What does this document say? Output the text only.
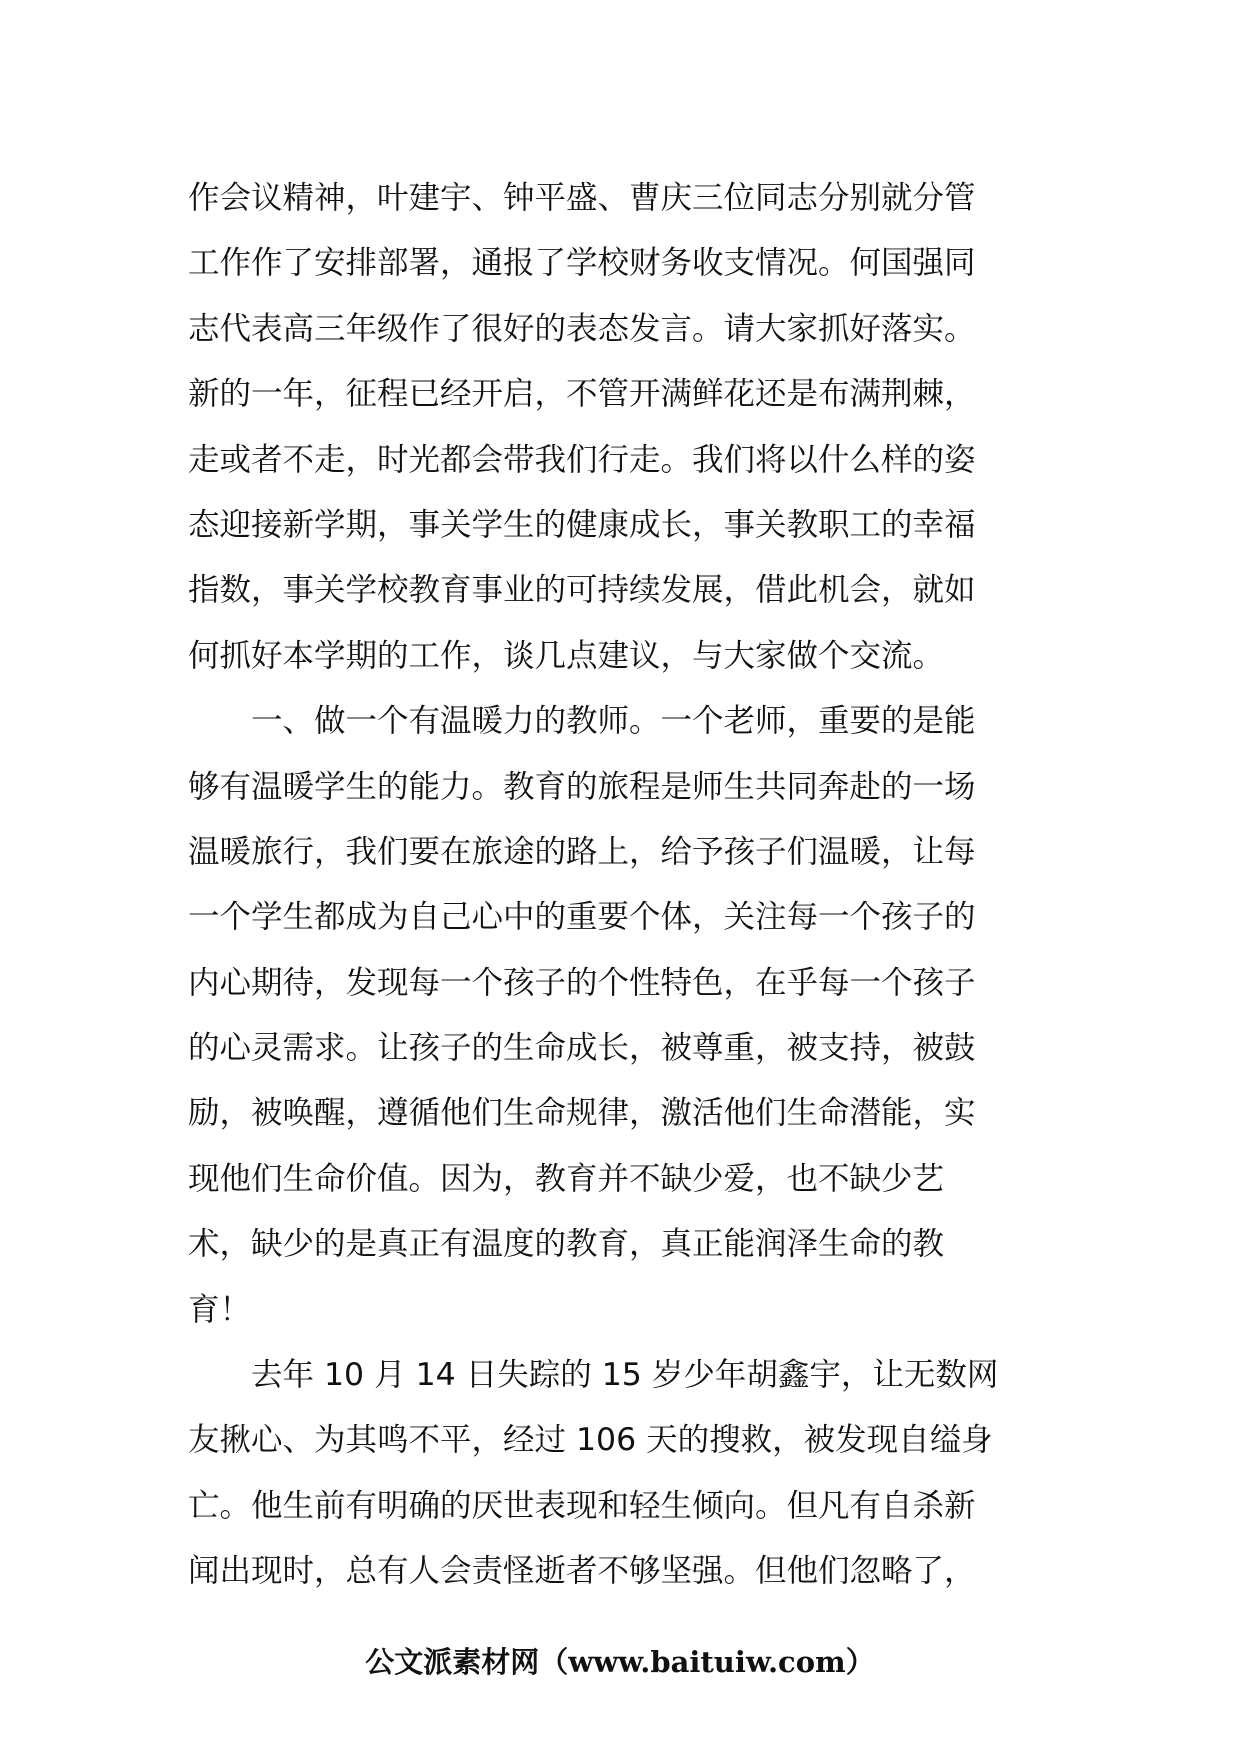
作会议精神，叶建宇、钟平盛、曹庆三位同志分别就分管
工作作了安排部署，通报了学校财务收支情况。何国强同
志代表高三年级作了很好的表态发言。请大家抓好落实。
新的一年，征程已经开启，不管开满鲜花还是布满荆棘，
走或者不走，时光都会带我们行走。我们将以什么样的姿
态迎接新学期，事关学生的健康成长，事关教职工的幸福
指数，事关学校教育事业的可持续发展，借此机会，就如
何抓好本学期的工作，谈几点建议，与大家做个交流。
一、做一个有温暖力的教师。一个老师，重要的是能
够有温暖学生的能力。教育的旅程是师生共同奔赴的一场
温暖旅行，我们要在旅途的路上，给予孩子们温暖，让每
一个学生都成为自己心中的重要个体，关注每一个孩子的
内心期待，发现每一个孩子的个性特色，在乎每一个孩子
的心灵需求。让孩子的生命成长，被尊重，被支持，被鼓
励，被唤醒，遵循他们生命规律，激活他们生命潜能，实
现他们生命价值。因为，教育并不缺少爱，也不缺少艺
术，缺少的是真正有温度的教育，真正能润泽生命的教
育！
去年 10 月 14 日失踪的 15 岁少年胡鑫宇，让无数网
友揪心、为其鸣不平，经过 106 天的搜救，被发现自缢身
亡。他生前有明确的厌世表现和轻生倾向。但凡有自杀新
闻出现时，总有人会责怪逝者不够坚强。但他们忽略了，
公文派素材网（www.baituiw.com）
